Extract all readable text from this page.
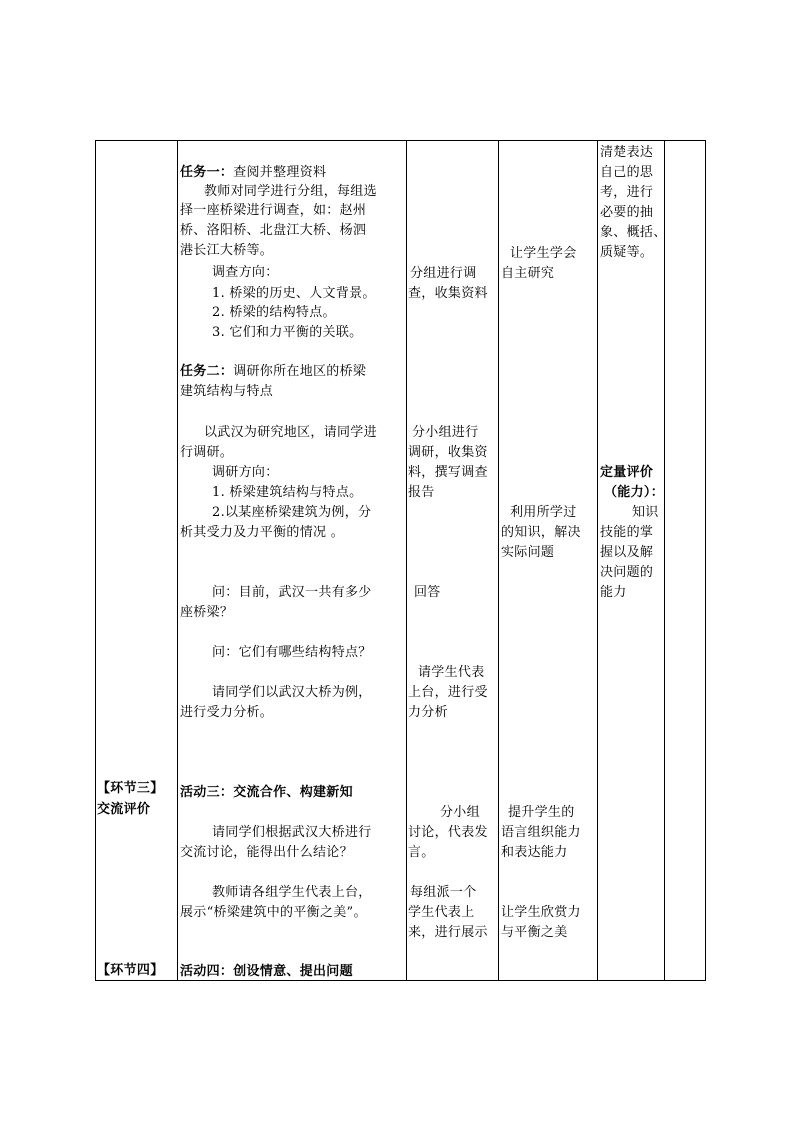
【环节三】
交流评价
【环节四】
任务一：查阅并整理资料
教师对同学进行分组，每组选
择一座桥梁进行调查，如：赵州
桥、洛阳桥、北盘江大桥、杨泗
港长江大桥等。
调查方向：
1. 桥梁的历史、人文背景。
2. 桥梁的结构特点。
3. 它们和力平衡的关联。
任务二：调研你所在地区的桥梁
建筑结构与特点
以武汉为研究地区，请同学进
行调研。
调研方向：
1. 桥梁建筑结构与特点。
2.以某座桥梁建筑为例，分
析其受力及力平衡的情况 。
问：目前，武汉一共有多少
座桥梁？
问：它们有哪些结构特点？
请同学们以武汉大桥为例，
进行受力分析。
活动三：交流合作、构建新知
请同学们根据武汉大桥进行
交流讨论，能得出什么结论？
教师请各组学生代表上台，
展示“桥梁建筑中的平衡之美”。
活动四：创设情意、提出问题
分组进行调
查，收集资料
分小组进行
调研，收集资
料，撰写调查
报告
回答
请学生代表
上台，进行受
力分析
分小组
讨论，代表发
言。
每组派一个
学生代表上
来，进行展示
让学生学会
自主研究
利用所学过
的知识，解决
实际问题
提升学生的
语言组织能力
和表达能力
让学生欣赏力
与平衡之美
清楚表达
自己的思
考，进行
必要的抽
象、概括、
质疑等。
定量评价
（能力）：
知识
技能的掌
握以及解
决问题的
能力
